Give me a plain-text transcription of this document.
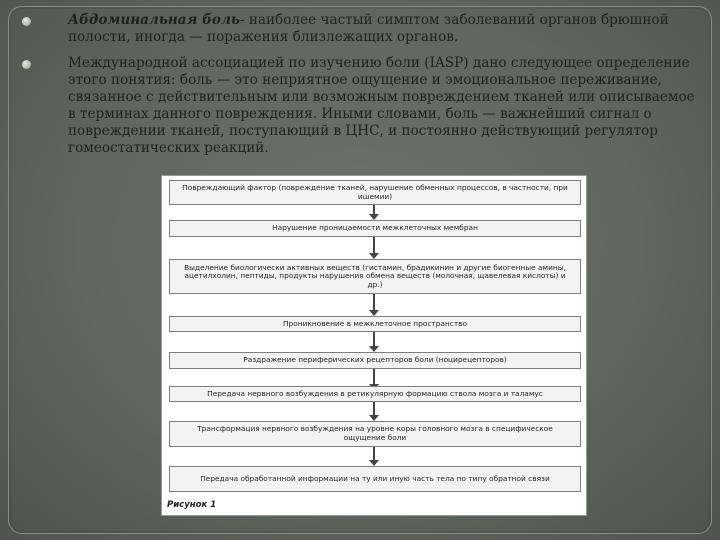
Абдоминальная боль- наиболее частый симптом заболеваний органов брюшной полости, иногда — поражения близлежащих органов.
Международной ассоциацией по изучению боли (IASP) дано следующее определение этого понятия: боль — это неприятное ощущение и эмоциональное переживание, связанное с действительным или возможным повреждением тканей или описываемое в терминах данного повреждения. Иными словами, боль — важнейший сигнал о повреждении тканей, поступающий в ЦНС, и постоянно действующий регулятор гомеостатических реакций.
Повреждающий фактор (повреждение тканей, нарушение обменных процессов, в частности, при ишемии)
Нарушение проницаемости межклеточных мембран
Выделение биологически активных веществ (гистамин, брадикинин и другие биогенные амины, ацетилхолин, пептиды, продукты нарушения обмена веществ (молочная, щавелевая кислоты) и др.)
Проникновение в межклеточное пространство
Раздражение периферических рецепторов боли (ноцирецепторов)
Передача нервного возбуждения в ретикулярную формацию ствола мозга и таламус
Трансформация нервного возбуждения на уровне коры головного мозга в специфическое ощущение боли
Передача обработанной информации на ту или иную часть тела по типу обратной связи
Рисунок 1
